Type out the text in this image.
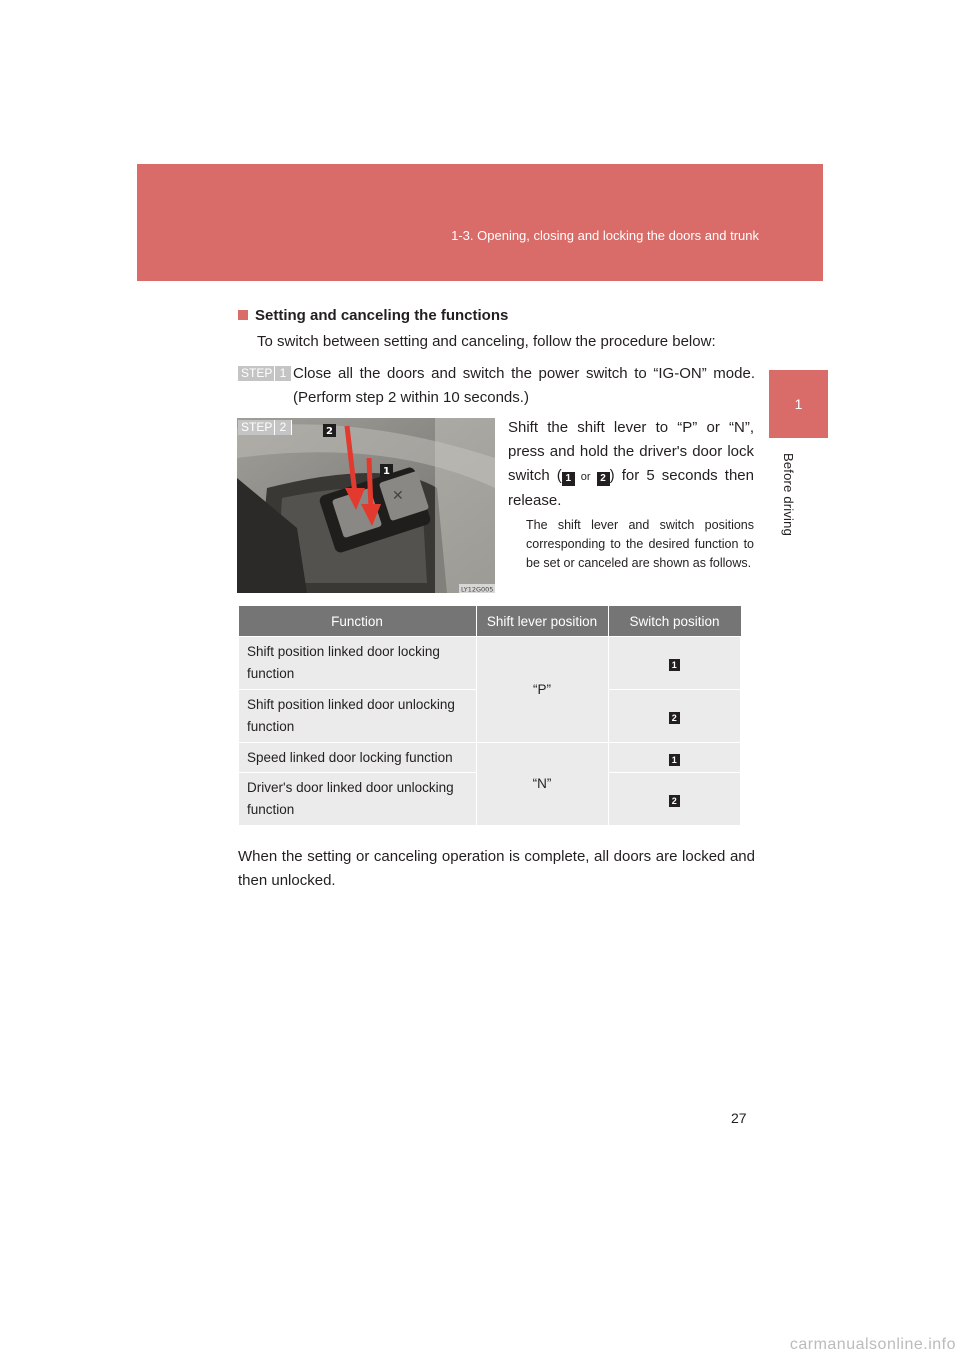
1-3. Opening, closing and locking the doors and trunk
1
Before driving
Setting and canceling the functions
To switch between setting and canceling, follow the procedure below:
STEP 1 Close all the doors and switch the power switch to “IG-ON” mode. (Perform step 2 within 10 seconds.)
✕
2
1
LY12G005
STEP 2	Shift the shift lever to “P” or “N”, press and hold the driver's door lock switch ( 1 or 2 ) for 5 seconds then release.
The shift lever and switch positions corresponding to the desired function to be set or canceled are shown as follows.
Function	Shift lever position	Switch position
Shift position linked door locking function	“P”	1
Shift position linked door unlocking function		2
Speed linked door locking function	“N”	1
Driver's door linked door unlocking function		2
When the setting or canceling operation is complete, all doors are locked and then unlocked.
27
carmanualsonline.info
